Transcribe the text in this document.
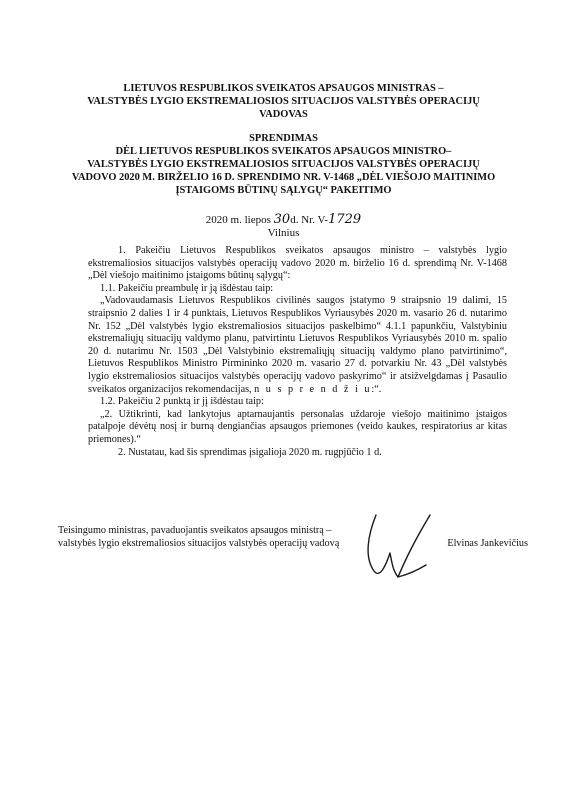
LIETUVOS RESPUBLIKOS SVEIKATOS APSAUGOS MINISTRAS –
VALSTYBĖS LYGIO EKSTREMALIOSIOS SITUACIJOS VALSTYBĖS OPERACIJŲ
VADOVAS
SPRENDIMAS
DĖL LIETUVOS RESPUBLIKOS SVEIKATOS APSAUGOS MINISTRO–
VALSTYBĖS LYGIO EKSTREMALIOSIOS SITUACIJOS VALSTYBĖS OPERACIJŲ
VADOVO 2020 M. BIRŽELIO 16 D. SPRENDIMO NR. V-1468 „DĖL VIEŠOJO MAITINIMO
ĮSTAIGOMS BŪTINŲ SĄLYGŲ“ PAKEITIMO
2020 m. liepos 30d. Nr. V-1729
Vilnius

1. Pakeičiu Lietuvos Respublikos sveikatos apsaugos ministro – valstybės lygio ekstremaliosios situacijos valstybės operacijų vadovo 2020 m. birželio 16 d. sprendimą Nr. V-1468 „Dėl viešojo maitinimo įstaigoms būtinų sąlygų“:

1.1. Pakeičiu preambulę ir ją išdėstau taip:

„Vadovaudamasis Lietuvos Respublikos civilinės saugos įstatymo 9 straipsnio 19 dalimi, 15 straipsnio 2 dalies 1 ir 4 punktais, Lietuvos Respublikos Vyriausybės 2020 m. vasario 26 d. nutarimo Nr. 152 „Dėl valstybės lygio ekstremaliosios situacijos paskelbimo“ 4.1.1 papunkčiu, Valstybiniu ekstremaliųjų situacijų valdymo planu, patvirtintu Lietuvos Respublikos Vyriausybės 2010 m. spalio 20 d. nutarimu Nr. 1503 „Dėl Valstybinio ekstremaliųjų situacijų valdymo plano patvirtinimo“, Lietuvos Respublikos Ministro Pirmininko 2020 m. vasario 27 d. potvarkiu Nr. 43 „Dėl valstybės lygio ekstremaliosios situacijos valstybės operacijų vadovo paskyrimo“ ir atsižvelgdamas į Pasaulio sveikatos organizacijos rekomendacijas, n u s p r e n d ž i u:“.

1.2. Pakeičiu 2 punktą ir jį išdėstau taip:

„2. Užtikrinti, kad lankytojus aptarnaujantis personalas uždaroje viešojo maitinimo įstaigos patalpoje dėvėtų nosį ir burną dengiančias apsaugos priemones (veido kaukes, respiratorius ar kitas priemones).“

2. Nustatau, kad šis sprendimas įsigalioja 2020 m. rugpjūčio 1 d.

Teisingumo ministras, pavaduojantis sveikatos apsaugos ministrą –
valstybės lygio ekstremaliosios situacijos valstybės operacijų vadovą	Elvinas Jankevičius
